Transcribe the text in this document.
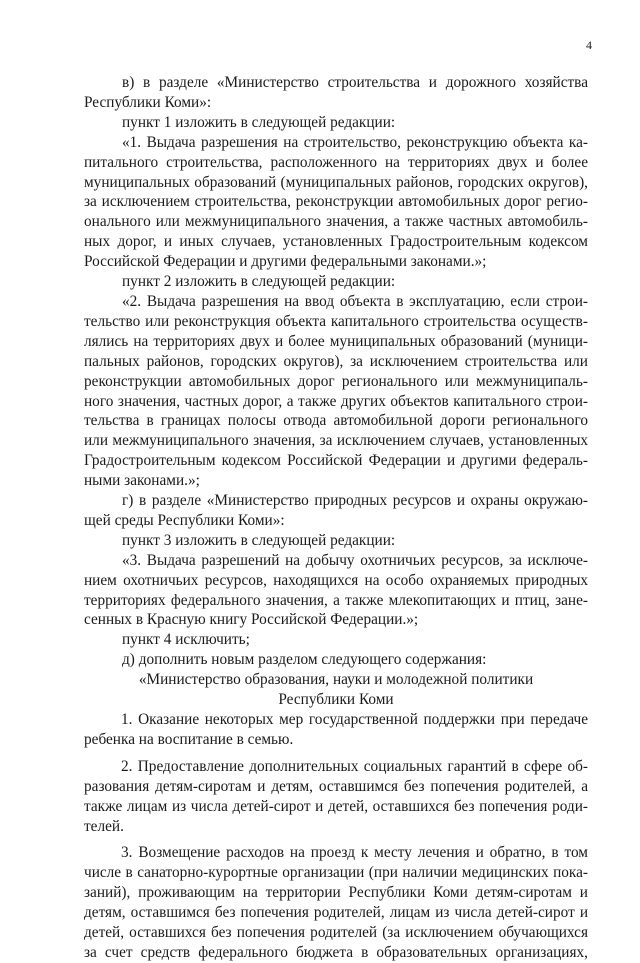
4
в) в разделе «Министерство строительства и дорожного хозяйства
Республики Коми»:
пункт 1 изложить в следующей редакции:
«1. Выдача разрешения на строительство, реконструкцию объекта ка-
питального строительства, расположенного на территориях двух и более
муниципальных образований (муниципальных районов, городских округов),
за исключением строительства, реконструкции автомобильных дорог регио-
онального или межмуниципального значения, а также частных автомобиль-
ных дорог, и иных случаев, установленных Градостроительным кодексом
Российской Федерации и другими федеральными законами.»;
пункт 2 изложить в следующей редакции:
«2. Выдача разрешения на ввод объекта в эксплуатацию, если строи-
тельство или реконструкция объекта капитального строительства осуществ-
лялись на территориях двух и более муниципальных образований (муници-
пальных районов, городских округов), за исключением строительства или
реконструкции автомобильных дорог регионального или межмуниципаль-
ного значения, частных дорог, а также других объектов капитального строи-
тельства в границах полосы отвода автомобильной дороги регионального
или межмуниципального значения, за исключением случаев, установленных
Градостроительным кодексом Российской Федерации и другими федераль-
ными законами.»;
г) в разделе «Министерство природных ресурсов и охраны окружаю-
щей среды Республики Коми»:
пункт 3 изложить в следующей редакции:
«3. Выдача разрешений на добычу охотничьих ресурсов, за исключе-
нием охотничьих ресурсов, находящихся на особо охраняемых природных
территориях федерального значения, а также млекопитающих и птиц, зане-
сенных в Красную книгу Российской Федерации.»;
пункт 4 исключить;
д) дополнить новым разделом следующего содержания:
«Министерство образования, науки и молодежной политики
Республики Коми
1. Оказание некоторых мер государственной поддержки при передаче
ребенка на воспитание в семью.
2. Предоставление дополнительных социальных гарантий в сфере об-
разования детям-сиротам и детям, оставшимся без попечения родителей, а
также лицам из числа детей-сирот и детей, оставшихся без попечения роди-
телей.
3. Возмещение расходов на проезд к месту лечения и обратно, в том
числе в санаторно-курортные организации (при наличии медицинских пока-
заний), проживающим на территории Республики Коми детям-сиротам и
детям, оставшимся без попечения родителей, лицам из числа детей-сирот и
детей, оставшихся без попечения родителей (за исключением обучающихся
за счет средств федерального бюджета в образовательных организациях,
